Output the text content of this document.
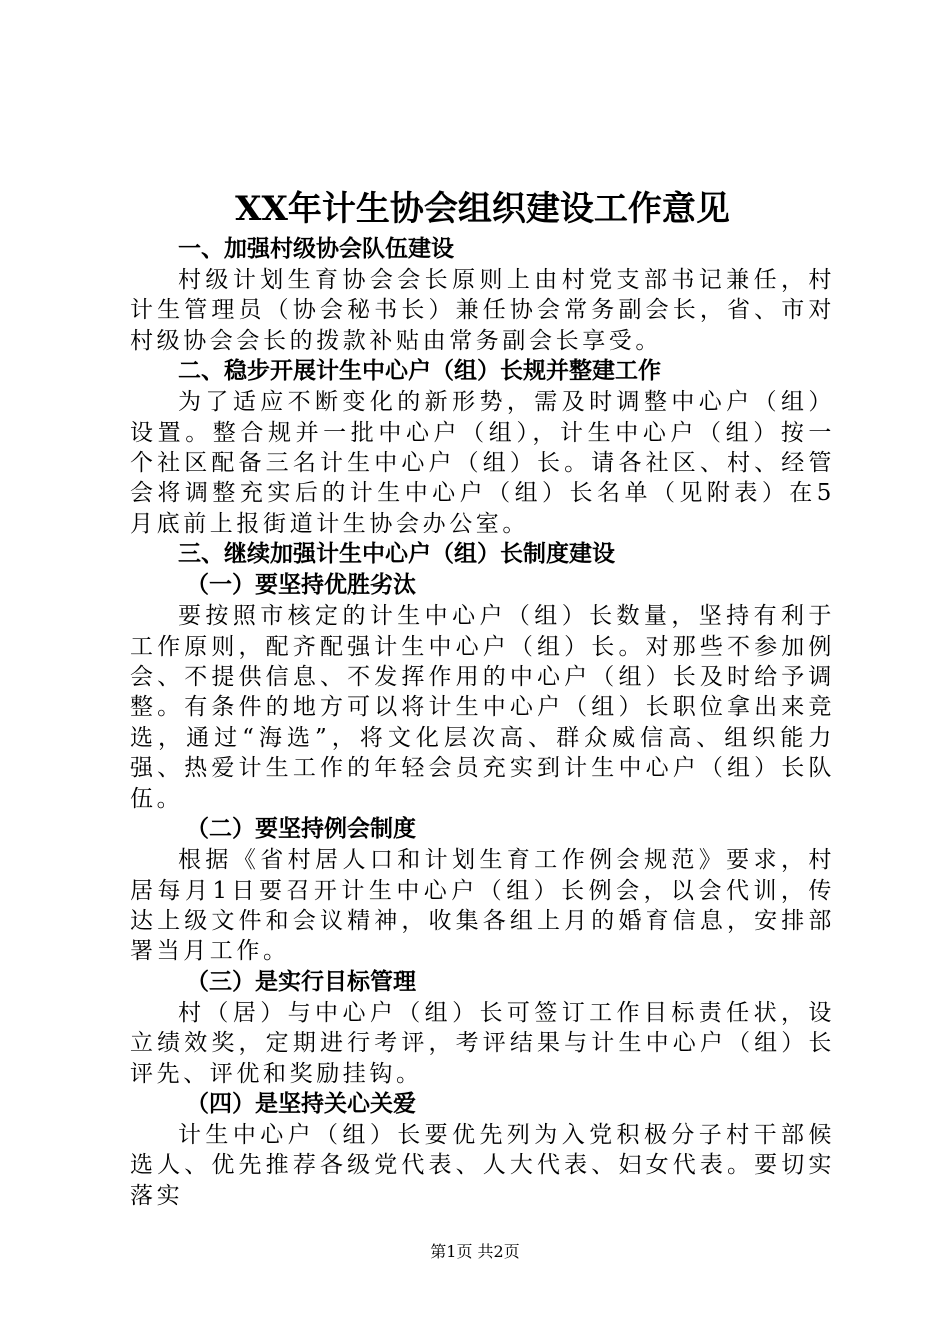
XX年计生协会组织建设工作意见
一、加强村级协会队伍建设

村级计划生育协会会长原则上由村党支部书记兼任，村计生管理员（协会秘书长）兼任协会常务副会长，省、市对村级协会会长的拨款补贴由常务副会长享受。

二、稳步开展计生中心户（组）长规并整建工作

为了适应不断变化的新形势，需及时调整中心户（组）设置。整合规并一批中心户（组），计生中心户（组）按一个社区配备三名计生中心户（组）长。请各社区、村、经管会将调整充实后的计生中心户（组）长名单（见附表）在5月底前上报街道计生协会办公室。

三、继续加强计生中心户（组）长制度建设
（一）要坚持优胜劣汰

要按照市核定的计生中心户（组）长数量，坚持有利于工作原则，配齐配强计生中心户（组）长。对那些不参加例会、不提供信息、不发挥作用的中心户（组）长及时给予调整。有条件的地方可以将计生中心户（组）长职位拿出来竞选，通过“海选”，将文化层次高、群众威信高、组织能力强、热爱计生工作的年轻会员充实到计生中心户（组）长队伍。

（二）要坚持例会制度

根据《省村居人口和计划生育工作例会规范》要求，村居每月1日要召开计生中心户（组）长例会，以会代训，传达上级文件和会议精神，收集各组上月的婚育信息，安排部署当月工作。

（三）是实行目标管理

村（居）与中心户（组）长可签订工作目标责任状，设立绩效奖，定期进行考评，考评结果与计生中心户（组）长评先、评优和奖励挂钩。

（四）是坚持关心关爱

计生中心户（组）长要优先列为入党积极分子村干部候选人、优先推荐各级党代表、人大代表、妇女代表。要切实落实

第1页 共2页
